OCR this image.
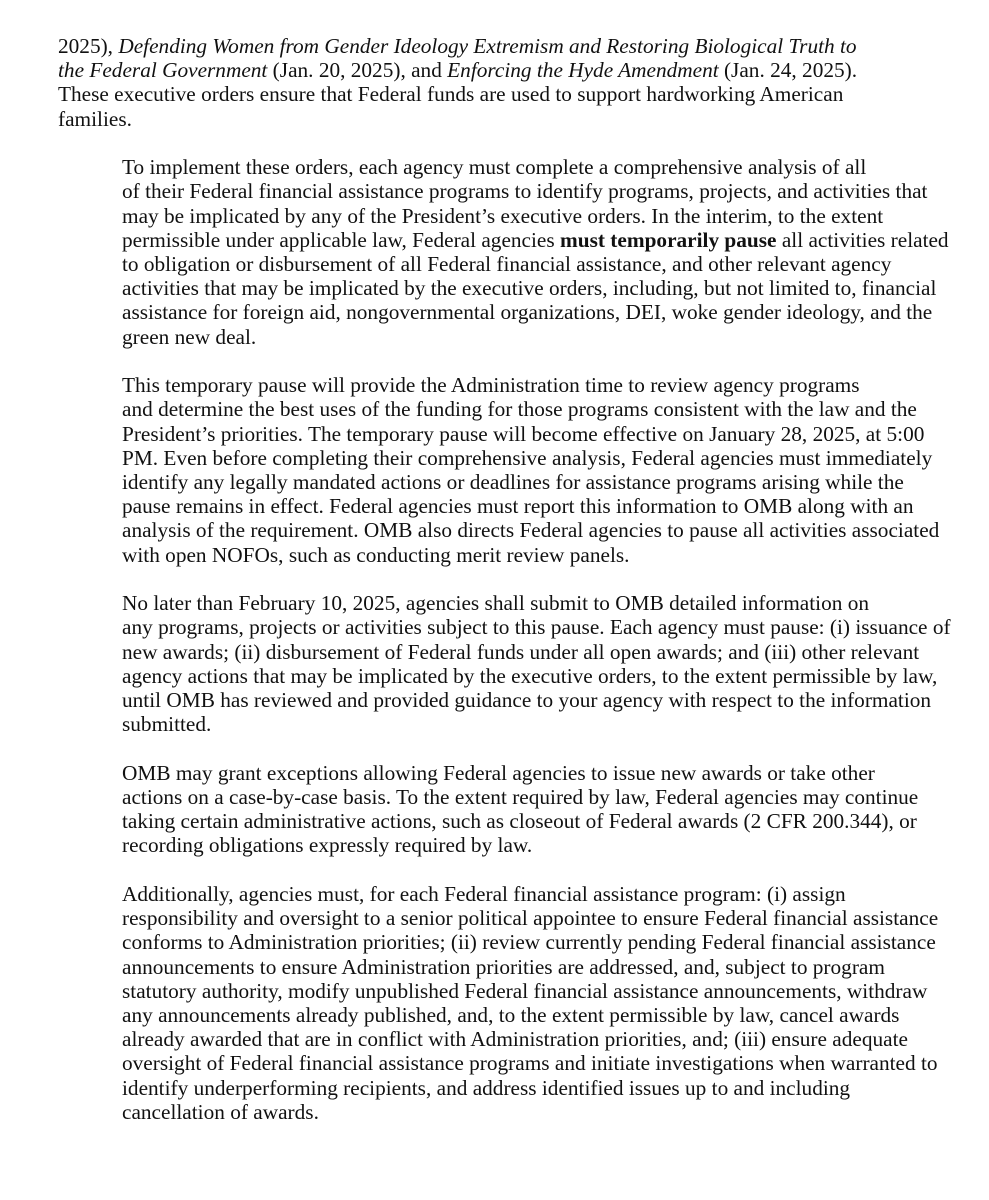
2025), Defending Women from Gender Ideology Extremism and Restoring Biological Truth to
the Federal Government (Jan. 20, 2025), and Enforcing the Hyde Amendment (Jan. 24, 2025).
These executive orders ensure that Federal funds are used to support hardworking American
families.

To implement these orders, each agency must complete a comprehensive analysis of all
of their Federal financial assistance programs to identify programs, projects, and activities that
may be implicated by any of the President’s executive orders. In the interim, to the extent
permissible under applicable law, Federal agencies must temporarily pause all activities related
to obligation or disbursement of all Federal financial assistance, and other relevant agency
activities that may be implicated by the executive orders, including, but not limited to, financial
assistance for foreign aid, nongovernmental organizations, DEI, woke gender ideology, and the
green new deal.

This temporary pause will provide the Administration time to review agency programs
and determine the best uses of the funding for those programs consistent with the law and the
President’s priorities. The temporary pause will become effective on January 28, 2025, at 5:00
PM. Even before completing their comprehensive analysis, Federal agencies must immediately
identify any legally mandated actions or deadlines for assistance programs arising while the
pause remains in effect. Federal agencies must report this information to OMB along with an
analysis of the requirement. OMB also directs Federal agencies to pause all activities associated
with open NOFOs, such as conducting merit review panels.

No later than February 10, 2025, agencies shall submit to OMB detailed information on
any programs, projects or activities subject to this pause. Each agency must pause: (i) issuance of
new awards; (ii) disbursement of Federal funds under all open awards; and (iii) other relevant
agency actions that may be implicated by the executive orders, to the extent permissible by law,
until OMB has reviewed and provided guidance to your agency with respect to the information
submitted.

OMB may grant exceptions allowing Federal agencies to issue new awards or take other
actions on a case-by-case basis. To the extent required by law, Federal agencies may continue
taking certain administrative actions, such as closeout of Federal awards (2 CFR 200.344), or
recording obligations expressly required by law.

Additionally, agencies must, for each Federal financial assistance program: (i) assign
responsibility and oversight to a senior political appointee to ensure Federal financial assistance
conforms to Administration priorities; (ii) review currently pending Federal financial assistance
announcements to ensure Administration priorities are addressed, and, subject to program
statutory authority, modify unpublished Federal financial assistance announcements, withdraw
any announcements already published, and, to the extent permissible by law, cancel awards
already awarded that are in conflict with Administration priorities, and; (iii) ensure adequate
oversight of Federal financial assistance programs and initiate investigations when warranted to
identify underperforming recipients, and address identified issues up to and including
cancellation of awards.
